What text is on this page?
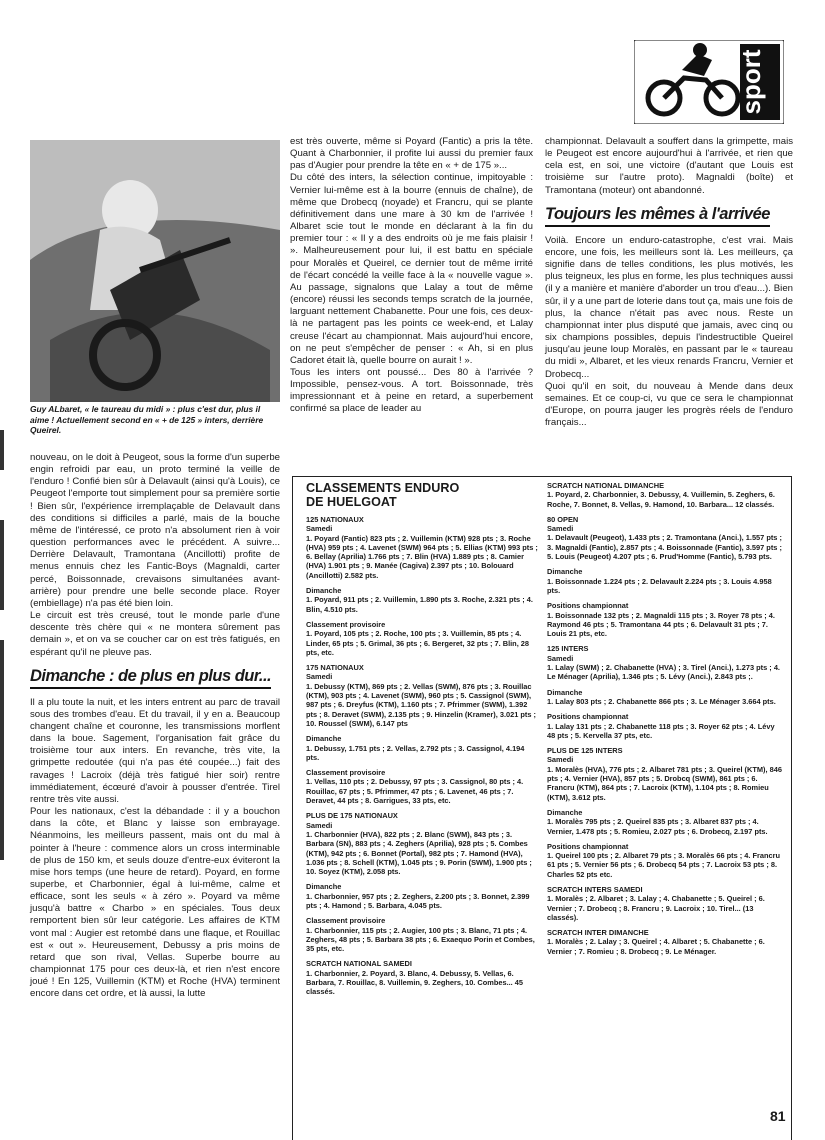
sport
Guy ALbaret, « le taureau du midi » : plus c'est dur, plus il aime ! Actuellement second en « + de 125 » inters, derrière Queirel.

nouveau, on le doit à Peugeot, sous la forme d'un superbe engin refroidi par eau, un proto terminé la veille de l'enduro ! Confié bien sûr à Delavault (ainsi qu'à Louis), ce Peugeot l'emporte tout simplement pour sa première sortie ! Bien sûr, l'expérience irremplaçable de Delavault dans des conditions si difficiles a parlé, mais de la bouche même de l'intéressé, ce proto n'a absolument rien à voir question performances avec le précédent. A suivre... Derrière Delavault, Tramontana (Ancillotti) profite de menus ennuis chez les Fantic-Boys (Magnaldi, carter percé, Boissonnade, crevaisons simultanées avant-arrière) pour prendre une belle seconde place. Royer (embiellage) n'a pas été bien loin.

Le circuit est très creusé, tout le monde parle d'une descente très chère qui « ne montera sûrement pas demain », et on va se coucher car on est très fatigués, en espérant qu'il ne pleuve pas.

Dimanche : de plus en plus dur...

Il a plu toute la nuit, et les inters entrent au parc de travail sous des trombes d'eau. Et du travail, il y en a. Beaucoup changent chaîne et couronne, les transmissions morflent dans la boue. Sagement, l'organisation fait grâce du troisième tour aux inters. En revanche, très vite, la grimpette redoutée (qui n'a pas été coupée...) fait des ravages ! Lacroix (déjà très fatigué hier soir) rentre immédiatement, écœuré d'avoir à pousser d'entrée. Tirel rentre très vite aussi.

Pour les nationaux, c'est la débandade : il y a bouchon dans la côte, et Blanc y laisse son embrayage. Néanmoins, les meilleurs passent, mais ont du mal à pointer à l'heure : commence alors un cross interminable de plus de 150 km, et seuls douze d'entre-eux éviteront la mise hors temps (une heure de retard). Poyard, en forme superbe, et Charbonnier, égal à lui-même, calme et efficace, sont les seuls « à zéro ». Poyard va même jusqu'à battre « Charbo » en spéciales. Tous deux remportent bien sûr leur catégorie. Les affaires de KTM vont mal : Augier est retombé dans une flaque, et Rouillac est « out ». Heureusement, Debussy a pris moins de retard que son rival, Vellas. Superbe bourre au championnat 175 pour ces deux-là, et rien n'est encore joué ! En 125, Vuillemin (KTM) et Roche (HVA) terminent encore dans cet ordre, et là aussi, la lutte

est très ouverte, même si Poyard (Fantic) a pris la tête. Quant à Charbonnier, il profite lui aussi du premier faux pas d'Augier pour prendre la tête en « + de 175 »...

Du côté des inters, la sélection continue, impitoyable : Vernier lui-même est à la bourre (ennuis de chaîne), de même que Drobecq (noyade) et Francru, qui se plante définitivement dans une mare à 30 km de l'arrivée ! Albaret scie tout le monde en déclarant à la fin du premier tour : « Il y a des endroits où je me fais plaisir ! ». Malheureusement pour lui, il est battu en spéciale pour Moralès et Queirel, ce dernier tout de même irrité de l'écart concédé la veille face à la « nouvelle vague ». Au passage, signalons que Lalay a tout de même (encore) réussi les seconds temps scratch de la journée, larguant nettement Chabanette. Pour une fois, ces deux-là ne partagent pas les points ce week-end, et Lalay creuse l'écart au championnat. Mais aujourd'hui encore, on ne peut s'empêcher de penser : « Ah, si en plus Cadoret était là, quelle bourre on aurait ! ».

Tous les inters ont poussé... Des 80 à l'arrivée ? Impossible, pensez-vous. A tort. Boissonnade, très impressionnant et à peine en retard, a superbement confirmé sa place de leader au

championnat. Delavault a souffert dans la grimpette, mais le Peugeot est encore aujourd'hui à l'arrivée, et rien que cela est, en soi, une victoire (d'autant que Louis est troisième sur l'autre proto). Magnaldi (boîte) et Tramontana (moteur) ont abandonné.

Toujours les mêmes à l'arrivée

Voilà. Encore un enduro-catastrophe, c'est vrai. Mais encore, une fois, les meilleurs sont là. Les meilleurs, ça signifie dans de telles conditions, les plus motivés, les plus teigneux, les plus en forme, les plus techniques aussi (il y a manière et manière d'aborder un trou d'eau...). Bien sûr, il y a une part de loterie dans tout ça, mais une fois de plus, la chance n'était pas avec nous. Reste un championnat inter plus disputé que jamais, avec cinq ou six champions possibles, depuis l'indestructible Queirel jusqu'au jeune loup Moralès, en passant par le « taureau du midi », Albaret, et les vieux renards Francru, Vernier et Drobecq...

Quoi qu'il en soit, du nouveau à Mende dans deux semaines. Et ce coup-ci, vu que ce sera le championnat d'Europe, on pourra jauger les progrès réels de l'enduro français...

CLASSEMENTS ENDURO
DE HUELGOAT
125 NATIONAUX
Samedi
1. Poyard (Fantic) 823 pts ; 2. Vuillemin (KTM) 928 pts ; 3. Roche (HVA) 959 pts ; 4. Lavenet (SWM) 964 pts ; 5. Ellias (KTM) 993 pts ; 6. Bellay (Aprilia) 1.766 pts ; 7. Blin (HVA) 1.889 pts ; 8. Camier (HVA) 1.901 pts ; 9. Manée (Cagiva) 2.397 pts ; 10. Bolouard (Ancillotti) 2.582 pts.
Dimanche
1. Poyard, 911 pts ; 2. Vuillemin, 1.890 pts 3. Roche, 2.321 pts ; 4. Blin, 4.510 pts.
Classement provisoire
1. Poyard, 105 pts ; 2. Roche, 100 pts ; 3. Vuillemin, 85 pts ; 4. Linder, 65 pts ; 5. Grimal, 36 pts ; 6. Bergeret, 32 pts ; 7. Blin, 28 pts, etc.
175 NATIONAUX
Samedi
1. Debussy (KTM), 869 pts ; 2. Vellas (SWM), 876 pts ; 3. Rouillac (KTM), 903 pts ; 4. Lavenet (SWM), 960 pts ; 5. Cassignol (SWM), 987 pts ; 6. Dreyfus (KTM), 1.160 pts ; 7. Pfrimmer (SWM), 1.392 pts ; 8. Deravet (SWM), 2.135 pts ; 9. Hinzelin (Kramer), 3.021 pts ; 10. Roussel (SWM), 6.147 pts
Dimanche
1. Debussy, 1.751 pts ; 2. Vellas, 2.792 pts ; 3. Cassignol, 4.194 pts.
Classement provisoire
1. Vellas, 110 pts ; 2. Debussy, 97 pts ; 3. Cassignol, 80 pts ; 4. Rouillac, 67 pts ; 5. Pfrimmer, 47 pts ; 6. Lavenet, 46 pts ; 7. Deravet, 44 pts ; 8. Garrigues, 33 pts, etc.
PLUS DE 175 NATIONAUX
Samedi
1. Charbonnier (HVA), 822 pts ; 2. Blanc (SWM), 843 pts ; 3. Barbara (SN), 883 pts ; 4. Zeghers (Aprilia), 928 pts ; 5. Combes (KTM), 942 pts ; 6. Bonnet (Portal), 982 pts ; 7. Hamond (HVA), 1.036 pts ; 8. Schell (KTM), 1.045 pts ; 9. Porin (SWM), 1.900 pts ; 10. Soyez (KTM), 2.058 pts.
Dimanche
1. Charbonnier, 957 pts ; 2. Zeghers, 2.200 pts ; 3. Bonnet, 2.399 pts ; 4. Hamond ; 5. Barbara, 4.045 pts.
Classement provisoire
1. Charbonnier, 115 pts ; 2. Augier, 100 pts ; 3. Blanc, 71 pts ; 4. Zeghers, 48 pts ; 5. Barbara 38 pts ; 6. Exaequo Porin et Combes, 35 pts, etc.
SCRATCH NATIONAL SAMEDI
1. Charbonnier, 2. Poyard, 3. Blanc, 4. Debussy, 5. Vellas, 6. Barbara, 7. Rouillac, 8. Vuillemin, 9. Zeghers, 10. Combes... 45 classés.
SCRATCH NATIONAL DIMANCHE
1. Poyard, 2. Charbonnier, 3. Debussy, 4. Vuillemin, 5. Zeghers, 6. Roche, 7. Bonnet, 8. Vellas, 9. Hamond, 10. Barbara... 12 classés.
80 OPEN
Samedi
1. Delavault (Peugeot), 1.433 pts ; 2. Tramontana (Anci.), 1.557 pts ; 3. Magnaldi (Fantic), 2.857 pts ; 4. Boissonnade (Fantic), 3.597 pts ; 5. Louis (Peugeot) 4.207 pts ; 6. Prud'Homme (Fantic), 5.793 pts.
Dimanche
1. Boissonnade 1.224 pts ; 2. Delavault 2.224 pts ; 3. Louis 4.958 pts.
Positions championnat
1. Boissonnade 132 pts ; 2. Magnaldi 115 pts ; 3. Royer 78 pts ; 4. Raymond 46 pts ; 5. Tramontana 44 pts ; 6. Delavault 31 pts ; 7. Louis 21 pts, etc.
125 INTERS
Samedi
1. Lalay (SWM) ; 2. Chabanette (HVA) ; 3. Tirel (Anci.), 1.273 pts ; 4. Le Ménager (Aprilia), 1.346 pts ; 5. Lévy (Anci.), 2.843 pts ;.
Dimanche
1. Lalay 803 pts ; 2. Chabanette 866 pts ; 3. Le Ménager 3.664 pts.
Positions championnat
1. Lalay 131 pts ; 2. Chabanette 118 pts ; 3. Royer 62 pts ; 4. Lévy 48 pts ; 5. Kervella 37 pts, etc.
PLUS DE 125 INTERS
Samedi
1. Moralès (HVA), 776 pts ; 2. Albaret 781 pts ; 3. Queirel (KTM), 846 pts ; 4. Vernier (HVA), 857 pts ; 5. Drobcq (SWM), 861 pts ; 6. Francru (KTM), 864 pts ; 7. Lacroix (KTM), 1.104 pts ; 8. Romieu (KTM), 3.612 pts.
Dimanche
1. Moralès 795 pts ; 2. Queirel 835 pts ; 3. Albaret 837 pts ; 4. Vernier, 1.478 pts ; 5. Romieu, 2.027 pts ; 6. Drobecq, 2.197 pts.
Positions championnat
1. Queirel 100 pts ; 2. Albaret 79 pts ; 3. Moralès 66 pts ; 4. Francru 61 pts ; 5. Vernier 56 pts ; 6. Drobecq 54 pts ; 7. Lacroix 53 pts ; 8. Charles 52 pts etc.
SCRATCH INTERS SAMEDI
1. Moralès ; 2. Albaret ; 3. Lalay ; 4. Chabanette ; 5. Queirel ; 6. Vernier ; 7. Drobecq ; 8. Francru ; 9. Lacroix ; 10. Tirel... (13 classés).
SCRATCH INTER DIMANCHE
1. Moralès ; 2. Lalay ; 3. Queirel ; 4. Albaret ; 5. Chabanette ; 6. Vernier ; 7. Romieu ; 8. Drobecq ; 9. Le Ménager.
81
